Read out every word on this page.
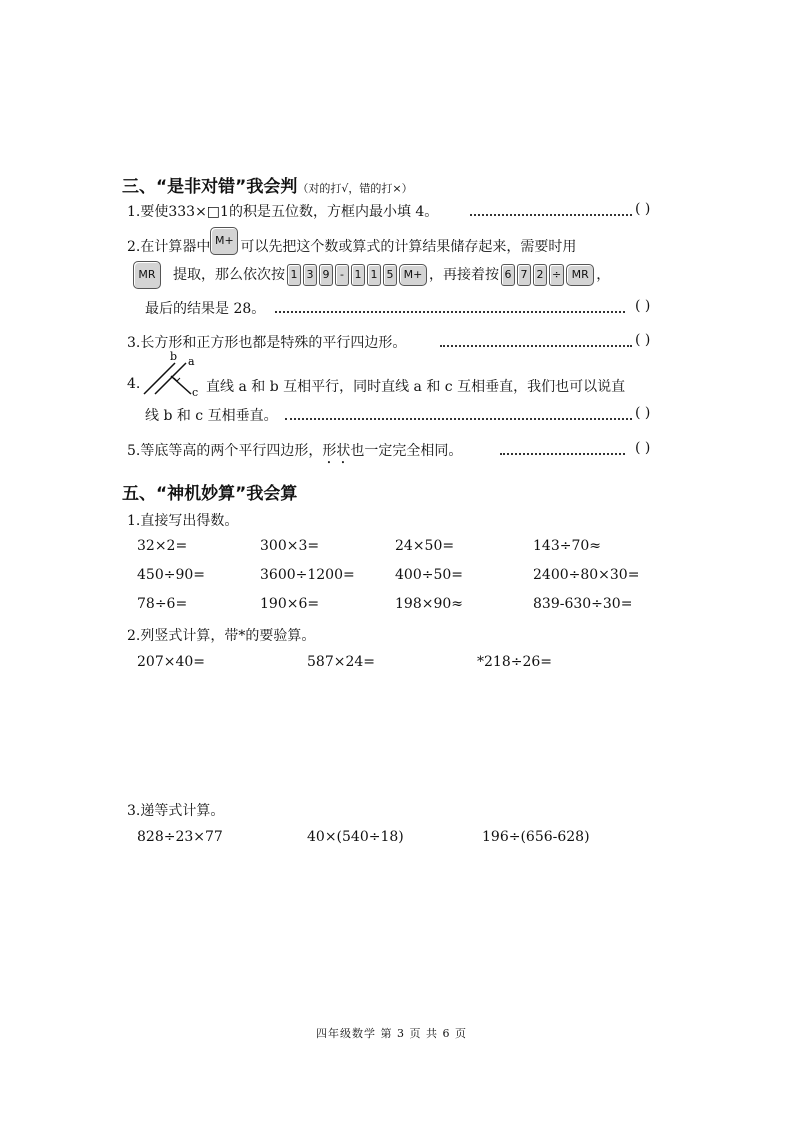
三、“是非对错”我会判（对的打√，错的打×）
1.要使333×□1的积是五位数，方框内最小填 4。	( )
2.在计算器中 M+ 可以先把这个数或算式的计算结果储存起来，需要时用
MR 提取，那么依次按 1 3 9 - 1 1 5 M+ ，再接着按 6 7 2 ÷ MR ，
最后的结果是 28。	( )
3.长方形和正方形也都是特殊的平行四边形。	( )
4.
b a
c 直线 a 和 b 互相平行，同时直线 a 和 c 互相垂直，我们也可以说直
线 b 和 c 互相垂直。	( )
5.等底等高的两个平行四边形，形状也一定完全相同。	( )
五、“神机妙算”我会算
1.直接写出得数。
32×2=	300×3=	24×50=	143÷70≈
450÷90=	3600÷1200=	400÷50=	2400÷80×30=
78÷6=	190×6=	198×90≈	839-630÷30=
2.列竖式计算，带*的要验算。
207×40=	587×24=	*218÷26=
3.递等式计算。
828÷23×77	40×(540÷18)	196÷(656-628)
四年级数学 第 3 页 共 6 页
